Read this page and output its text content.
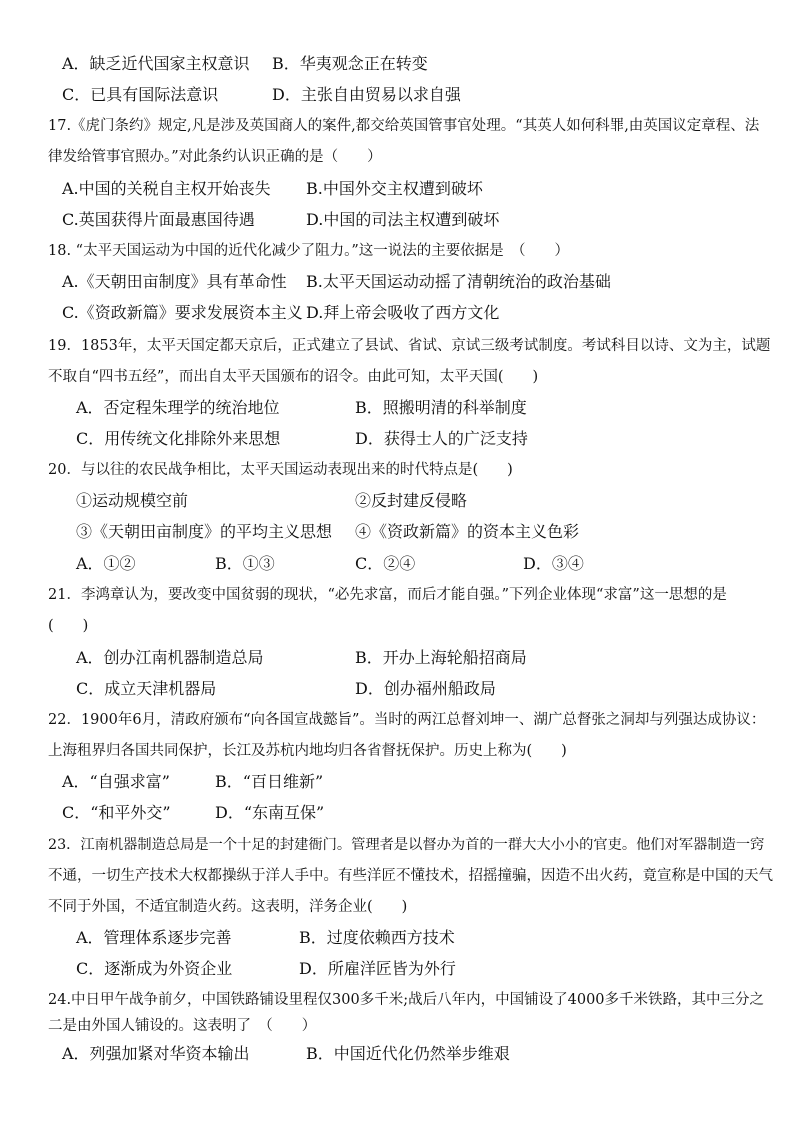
A．缺乏近代国家主权意识 B．华夷观念正在转变
C．已具有国际法意识	D．主张自由贸易以求自强
17.《虎门条约》规定,凡是涉及英国商人的案件,都交给英国管事官处理。“其英人如何科罪,由英国议定章程、法
律发给管事官照办。”对此条约认识正确的是（　　）
A.中国的关税自主权开始丧失 B.中国外交主权遭到破坏
C.英国获得片面最惠国待遇	D.中国的司法主权遭到破坏
18. “太平天国运动为中国的近代化减少了阻力。”这一说法的主要依据是　（　　）
A.《天朝田亩制度》具有革命性 B.太平天国运动动摇了清朝统治的政治基础
C.《资政新篇》要求发展资本主义 D.拜上帝会吸收了西方文化
19．1853年，太平天国定都天京后，正式建立了县试、省试、京试三级考试制度。考试科目以诗、文为主，试题
不取自“四书五经”，而出自太平天国颁布的诏令。由此可知，太平天国(　　)
A．否定程朱理学的统治地位	B．照搬明清的科举制度
C．用传统文化排除外来思想	D．获得士人的广泛支持
20．与以往的农民战争相比，太平天国运动表现出来的时代特点是(　　)
①运动规模空前	②反封建反侵略
③《天朝田亩制度》的平均主义思想 ④《资政新篇》的资本主义色彩
A．①②	B．①③	C．②④	D．③④
21．李鸿章认为，要改变中国贫弱的现状，“必先求富，而后才能自强。”下列企业体现“求富”这一思想的是
(　　)
A．创办江南机器制造总局	B．开办上海轮船招商局
C．成立天津机器局	D．创办福州船政局
22．1900年6月，清政府颁布“向各国宣战懿旨”。当时的两江总督刘坤一、湖广总督张之洞却与列强达成协议：
上海租界归各国共同保护，长江及苏杭内地均归各省督抚保护。历史上称为(　　)
A．“自强求富”	B．“百日维新”
C．“和平外交”	D．“东南互保”
23．江南机器制造总局是一个十足的封建衙门。管理者是以督办为首的一群大大小小的官吏。他们对军器制造一窍
不通，一切生产技术大权都操纵于洋人手中。有些洋匠不懂技术，招摇撞骗，因造不出火药，竟宣称是中国的天气
不同于外国，不适宜制造火药。这表明，洋务企业(　　)
A．管理体系逐步完善	B．过度依赖西方技术
C．逐渐成为外资企业	D．所雇洋匠皆为外行
24.中日甲午战争前夕，中国铁路铺设里程仅300多千米;战后八年内，中国铺设了4000多千米铁路，其中三分之
二是由外国人铺设的。这表明了　（　　）
A．列强加紧对华资本输出	B．中国近代化仍然举步维艰
